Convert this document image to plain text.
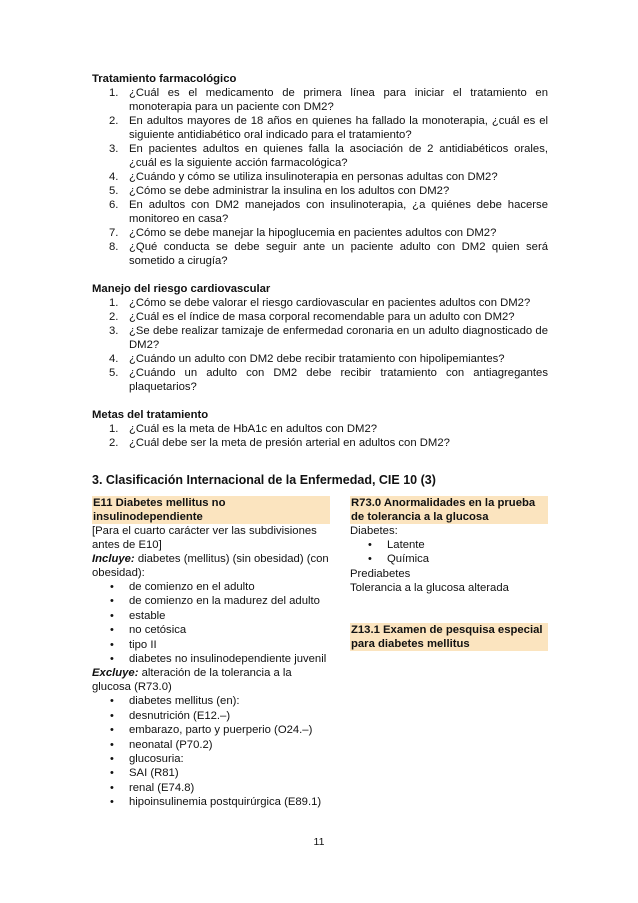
Tratamiento farmacológico

1. ¿Cuál es el medicamento de primera línea para iniciar el tratamiento en monoterapia para un paciente con DM2?
2. En adultos mayores de 18 años en quienes ha fallado la monoterapia, ¿cuál es el siguiente antidiabético oral indicado para el tratamiento?
3. En pacientes adultos en quienes falla la asociación de 2 antidiabéticos orales, ¿cuál es la siguiente acción farmacológica?
4. ¿Cuándo y cómo se utiliza insulinoterapia en personas adultas con DM2?
5. ¿Cómo se debe administrar la insulina en los adultos con DM2?
6. En adultos con DM2 manejados con insulinoterapia, ¿a quiénes debe hacerse monitoreo en casa?
7. ¿Cómo se debe manejar la hipoglucemia en pacientes adultos con DM2?
8. ¿Qué conducta se debe seguir ante un paciente adulto con DM2 quien será sometido a cirugía?

Manejo del riesgo cardiovascular

1. ¿Cómo se debe valorar el riesgo cardiovascular en pacientes adultos con DM2?
2. ¿Cuál es el índice de masa corporal recomendable para un adulto con DM2?
3. ¿Se debe realizar tamizaje de enfermedad coronaria en un adulto diagnosticado de DM2?
4. ¿Cuándo un adulto con DM2 debe recibir tratamiento con hipolipemiantes?
5. ¿Cuándo un adulto con DM2 debe recibir tratamiento con antiagregantes plaquetarios?

Metas del tratamiento

1. ¿Cuál es la meta de HbA1c en adultos con DM2?
2. ¿Cuál debe ser la meta de presión arterial en adultos con DM2?
3. Clasificación Internacional de la Enfermedad, CIE 10 (3)
E11 Diabetes mellitus no insulinodependiente
[Para el cuarto carácter ver las subdivisiones antes de E10]
Incluye: diabetes (mellitus) (sin obesidad) (con obesidad):
• de comienzo en el adulto
• de comienzo en la madurez del adulto
• estable
• no cetósica
• tipo II
• diabetes no insulinodependiente juvenil
Excluye: alteración de la tolerancia a la glucosa (R73.0)
• diabetes mellitus (en):
• desnutrición (E12.–)
• embarazo, parto y puerperio (O24.–)
• neonatal (P70.2)
• glucosuria:
• SAI (R81)
• renal (E74.8)
• hipoinsulinemia postquirúrgica (E89.1)
R73.0 Anormalidades en la prueba de tolerancia a la glucosa
Diabetes:
• Latente
• Química
Prediabetes
Tolerancia a la glucosa alterada
Z13.1 Examen de pesquisa especial para diabetes mellitus
11
